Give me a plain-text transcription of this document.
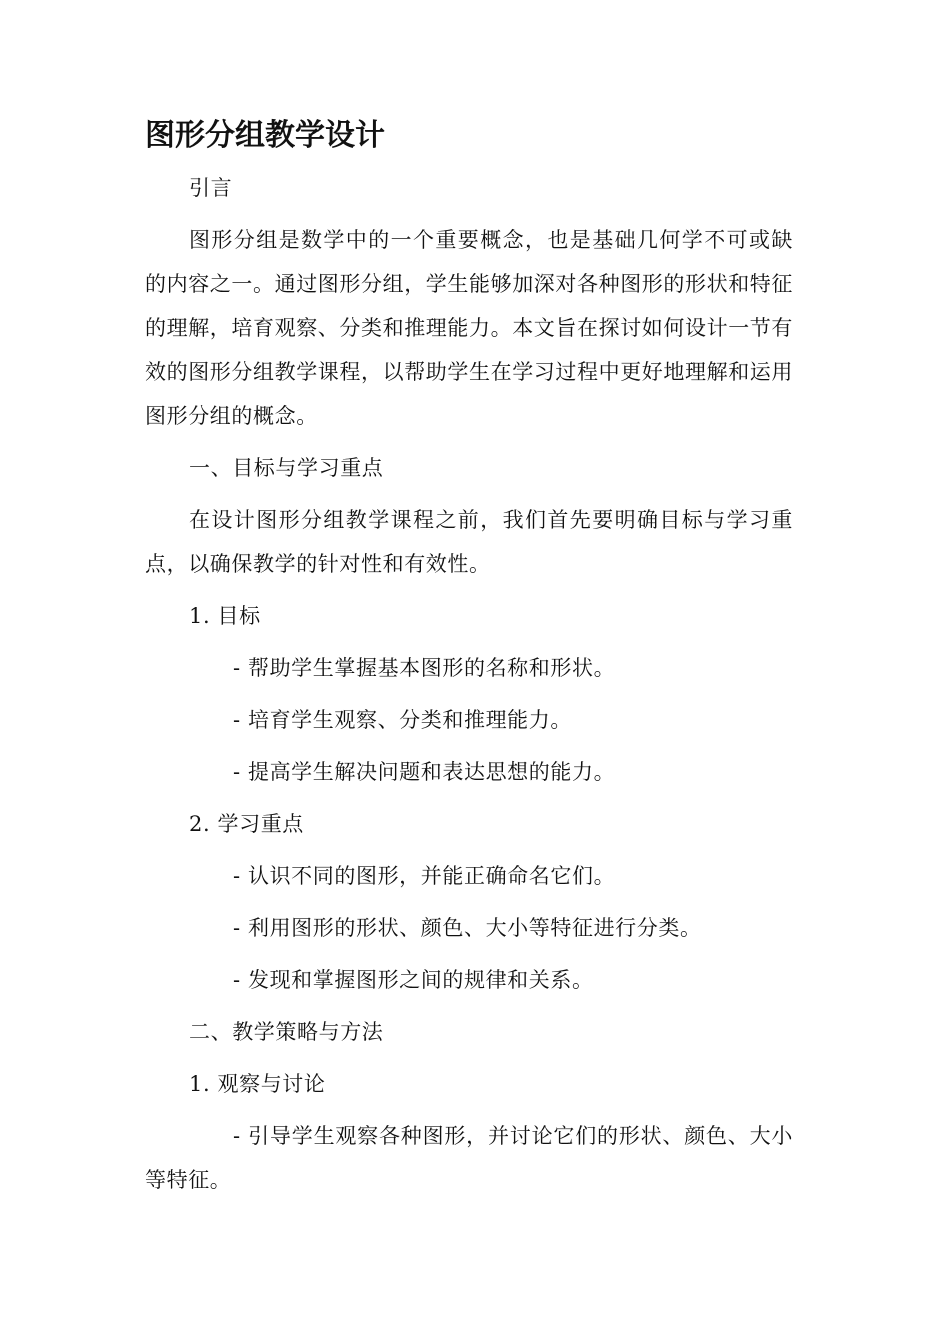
图形分组教学设计
引言
图形分组是数学中的一个重要概念，也是基础几何学不可或缺的内容之一。通过图形分组，学生能够加深对各种图形的形状和特征的理解，培育观察、分类和推理能力。本文旨在探讨如何设计一节有效的图形分组教学课程，以帮助学生在学习过程中更好地理解和运用图形分组的概念。
一、目标与学习重点
在设计图形分组教学课程之前，我们首先要明确目标与学习重点，以确保教学的针对性和有效性。
1. 目标
- 帮助学生掌握基本图形的名称和形状。
- 培育学生观察、分类和推理能力。
- 提高学生解决问题和表达思想的能力。
2. 学习重点
- 认识不同的图形，并能正确命名它们。
- 利用图形的形状、颜色、大小等特征进行分类。
- 发现和掌握图形之间的规律和关系。
二、教学策略与方法
1. 观察与讨论
- 引导学生观察各种图形，并讨论它们的形状、颜色、大小等特征。
